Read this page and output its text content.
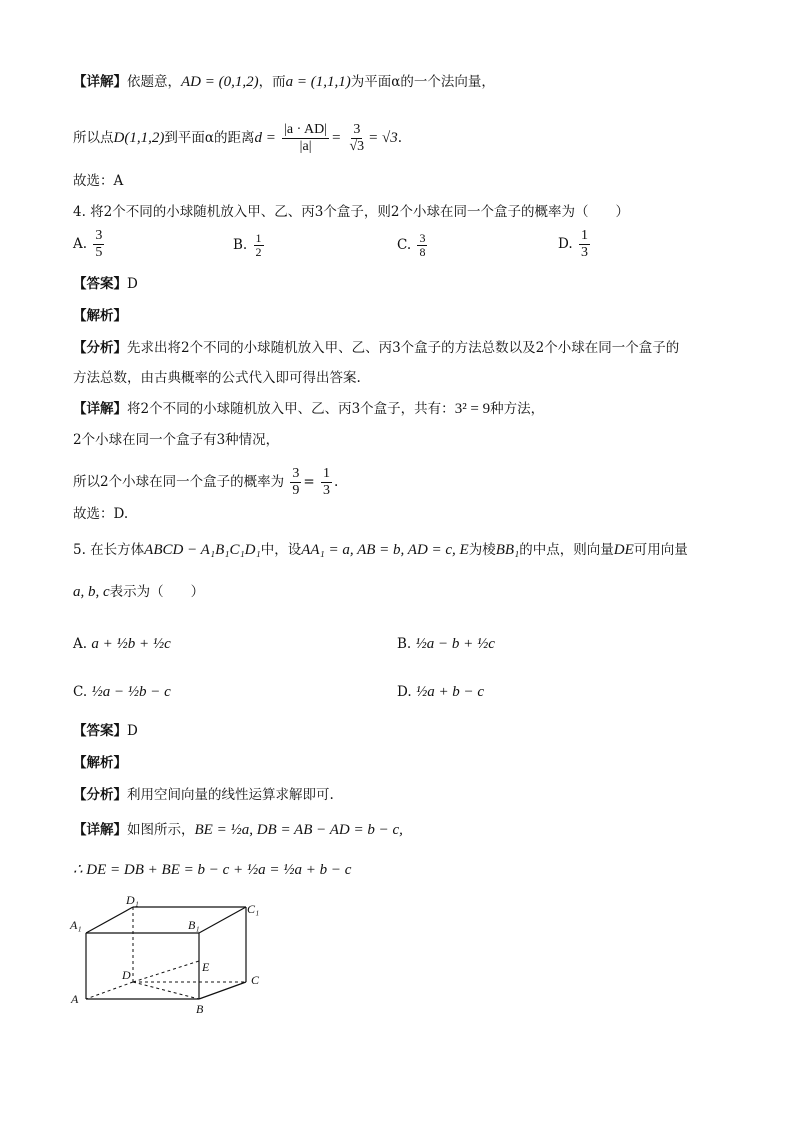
【详解】依题意，AD = (0,1,2)，而a = (1,1,1)为平面α的一个法向量，
所以点D(1,1,2)到平面α的距离$d = \frac{|a \cdot AD|}{|a|} = \frac{3}{√3} = √3$.
故选：A
4. 将2个不同的小球随机放入甲、乙、丙3个盒子，则2个小球在同一个盒子的概率为（　　）
A. $\frac{3}{5}$	B. $\frac{1}{2}$	C. $\frac{3}{8}$	D. $\frac{1}{3}$
【答案】D
【解析】
【分析】先求出将2个不同的小球随机放入甲、乙、丙3个盒子的方法总数以及2个小球在同一个盒子的
方法总数，由古典概率的公式代入即可得出答案.
【详解】将2个不同的小球随机放入甲、乙、丙3个盒子，共有：3² = 9种方法，
2个小球在同一个盒子有3种情况，
所以2个小球在同一个盒子的概率为 $\frac{3}{9} = \frac{1}{3}$ .
故选：D.
5. 在长方体ABCD − A₁B₁C₁D₁中，设AA₁ = a, AB = b, AD = c, E为棱BB₁的中点，则向量DE可用向量
a, b, c表示为（　　）
A. a + ½b + ½c	B. ½a − b + ½c
C. ½a − ½b − c	D. ½a + b − c
【答案】D
【解析】
【分析】利用空间向量的线性运算求解即可.
【详解】如图所示，BE = ½a, DB = AB − AD = b − c,
∴ DE = DB + BE = b − c + ½a = ½a + b − c
A₁
D₁
B₁
C₁
D
E
C
A
B
